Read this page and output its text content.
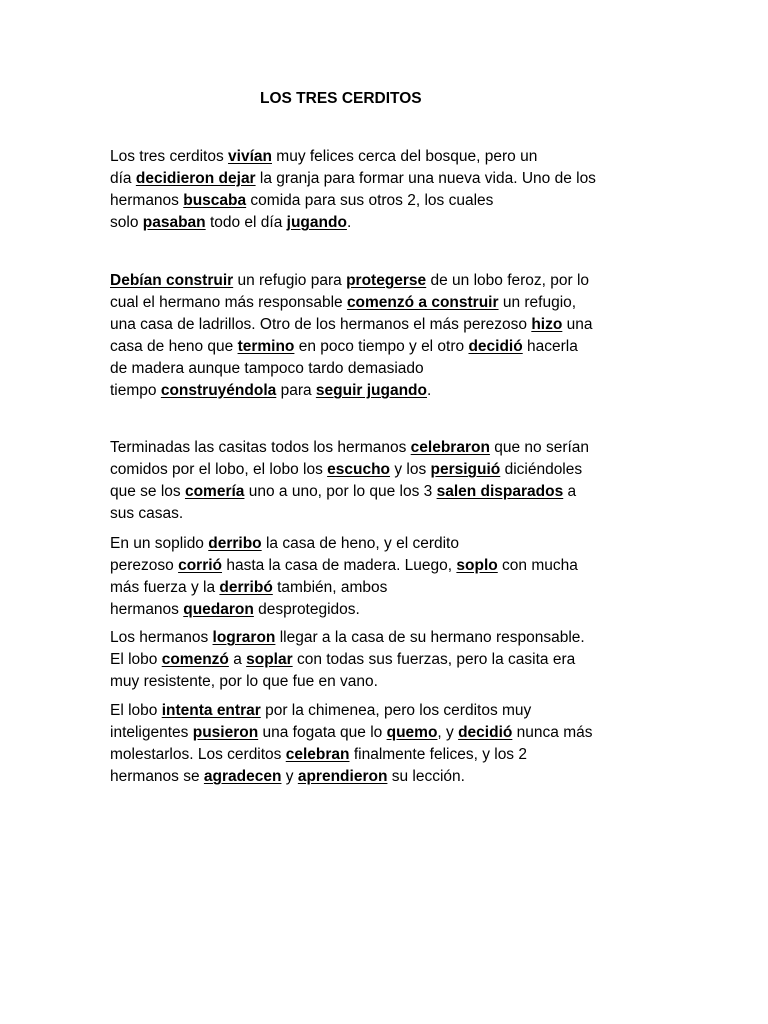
LOS TRES CERDITOS

Los tres cerditos vivían muy felices cerca del bosque, pero un
día decidieron dejar la granja para formar una nueva vida. Uno de los
hermanos buscaba comida para sus otros 2, los cuales
solo pasaban todo el día jugando.

Debían construir un refugio para protegerse de un lobo feroz, por lo
cual el hermano más responsable comenzó a construir un refugio,
una casa de ladrillos. Otro de los hermanos el más perezoso hizo una
casa de heno que termino en poco tiempo y el otro decidió hacerla
de madera aunque tampoco tardo demasiado
tiempo construyéndola para seguir jugando.

Terminadas las casitas todos los hermanos celebraron que no serían
comidos por el lobo, el lobo los escucho y los persiguió diciéndoles
que se los comería uno a uno, por lo que los 3 salen disparados a
sus casas.

En un soplido derribo la casa de heno, y el cerdito
perezoso corrió hasta la casa de madera. Luego, soplo con mucha
más fuerza y la derribó también, ambos
hermanos quedaron desprotegidos.

Los hermanos lograron llegar a la casa de su hermano responsable.
El lobo comenzó a soplar con todas sus fuerzas, pero la casita era
muy resistente, por lo que fue en vano.

El lobo intenta entrar por la chimenea, pero los cerditos muy
inteligentes pusieron una fogata que lo quemo, y decidió nunca más
molestarlos. Los cerditos celebran finalmente felices, y los 2
hermanos se agradecen y aprendieron su lección.
